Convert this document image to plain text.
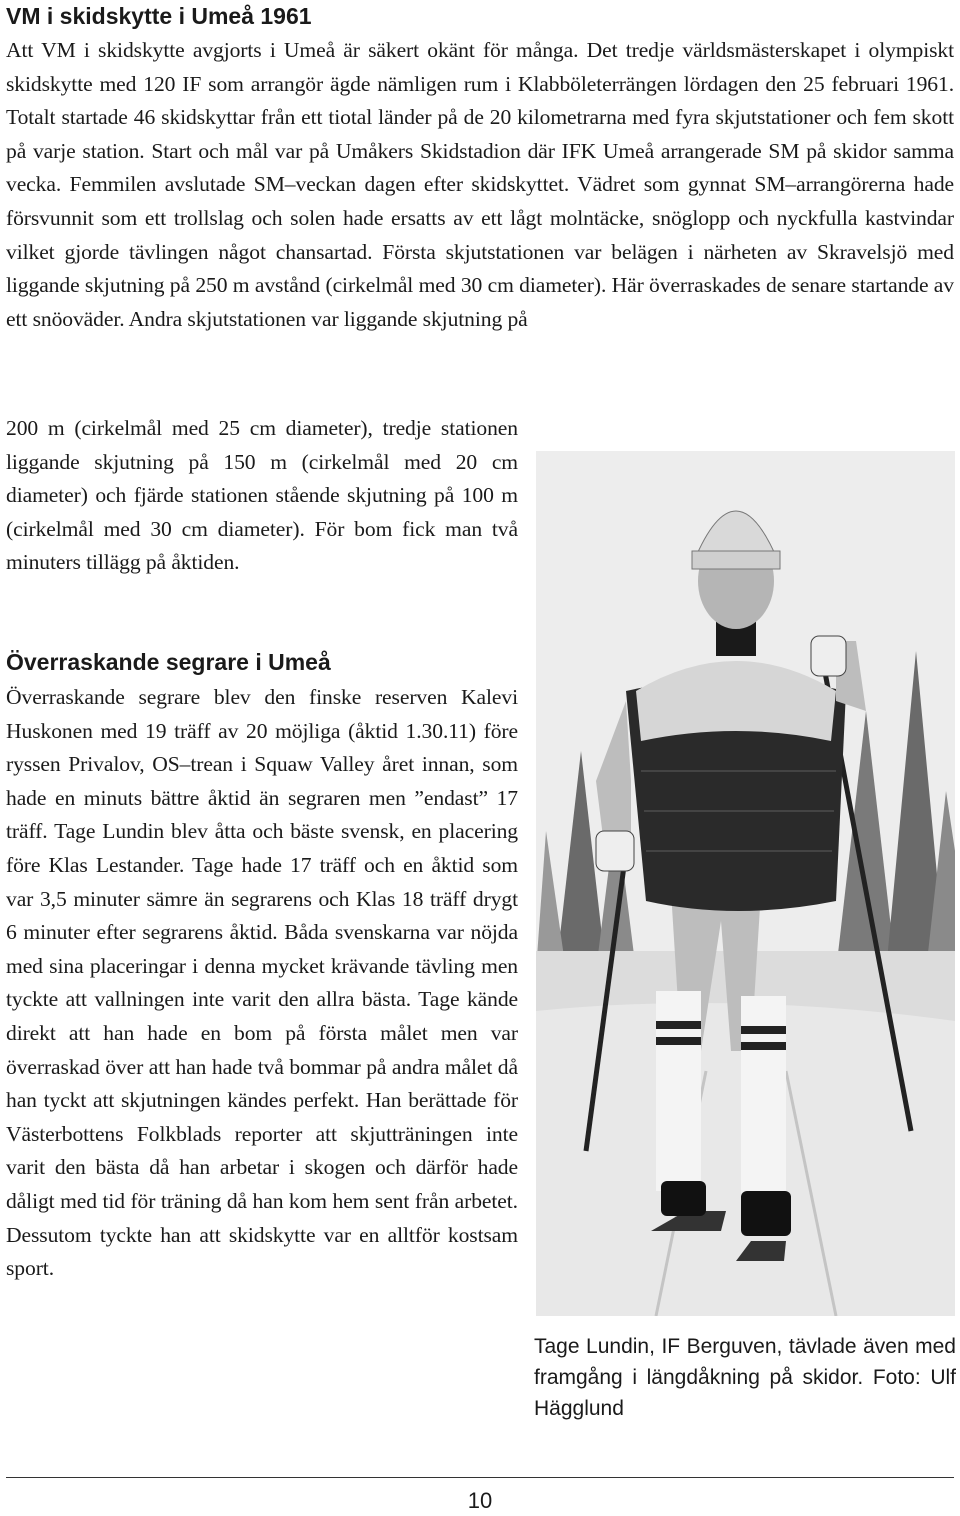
VM i skidskytte i Umeå 1961

Att VM i skidskytte avgjorts i Umeå är säkert okänt för många. Det tredje världsmästerskapet i olympiskt skidskytte med 120 IF som arrangör ägde nämligen rum i Klabböleterrängen lördagen den 25 februari 1961. Totalt startade 46 skidskyttar från ett tiotal länder på de 20 kilometrarna med fyra skjutstationer och fem skott på varje station. Start och mål var på Umåkers Skidstadion där IFK Umeå arrangerade SM på skidor samma vecka. Femmilen avslutade SM–veckan dagen efter skidskyttet. Vädret som gynnat SM–arrangörerna hade försvunnit som ett trollslag och solen hade ersatts av ett lågt molntäcke, snöglopp och nyckfulla kastvindar vilket gjorde tävlingen något chansartad. Första skjutstationen var belägen i närheten av Skravelsjö med liggande skjutning på 250 m avstånd (cirkelmål med 30 cm diameter). Här överraskades de senare startande av ett snöoväder. Andra skjutstationen var liggande skjutning på

200 m (cirkelmål med 25 cm diameter), tredje stationen liggande skjutning på 150 m (cirkelmål med 20 cm diameter) och fjärde stationen stående skjutning på 100 m (cirkelmål med 30 cm diameter). För bom fick man två minuters tillägg på åktiden.

Överraskande segrare i Umeå

Överraskande segrare blev den finske reserven Kalevi Huskonen med 19 träff av 20 möjliga (åktid 1.30.11) före ryssen Privalov, OS–trean i Squaw Valley året innan, som hade en minuts bättre åktid än segraren men ”endast” 17 träff. Tage Lundin blev åtta och bäste svensk, en placering före Klas Lestander. Tage hade 17 träff och en åktid som var 3,5 minuter sämre än segrarens och Klas 18 träff drygt 6 minuter efter segrarens åktid. Båda svenskarna var nöjda med sina placeringar i denna mycket krävande tävling men tyckte att vallningen inte varit den allra bästa. Tage kände direkt att han hade en bom på första målet men var överraskad över att han hade två bommar på andra målet då han tyckt att skjutningen kändes perfekt. Han berättade för Västerbottens Folkblads reporter att skjutträningen inte varit den bästa då han arbetar i skogen och därför hade dåligt med tid för träning då han kom hem sent från arbetet. Dessutom tyckte han att skidskytte var en alltför kostsam sport.

Tage Lundin, IF Berguven, tävlade även med framgång i längdåkning på skidor. Foto: Ulf Hägglund

10
